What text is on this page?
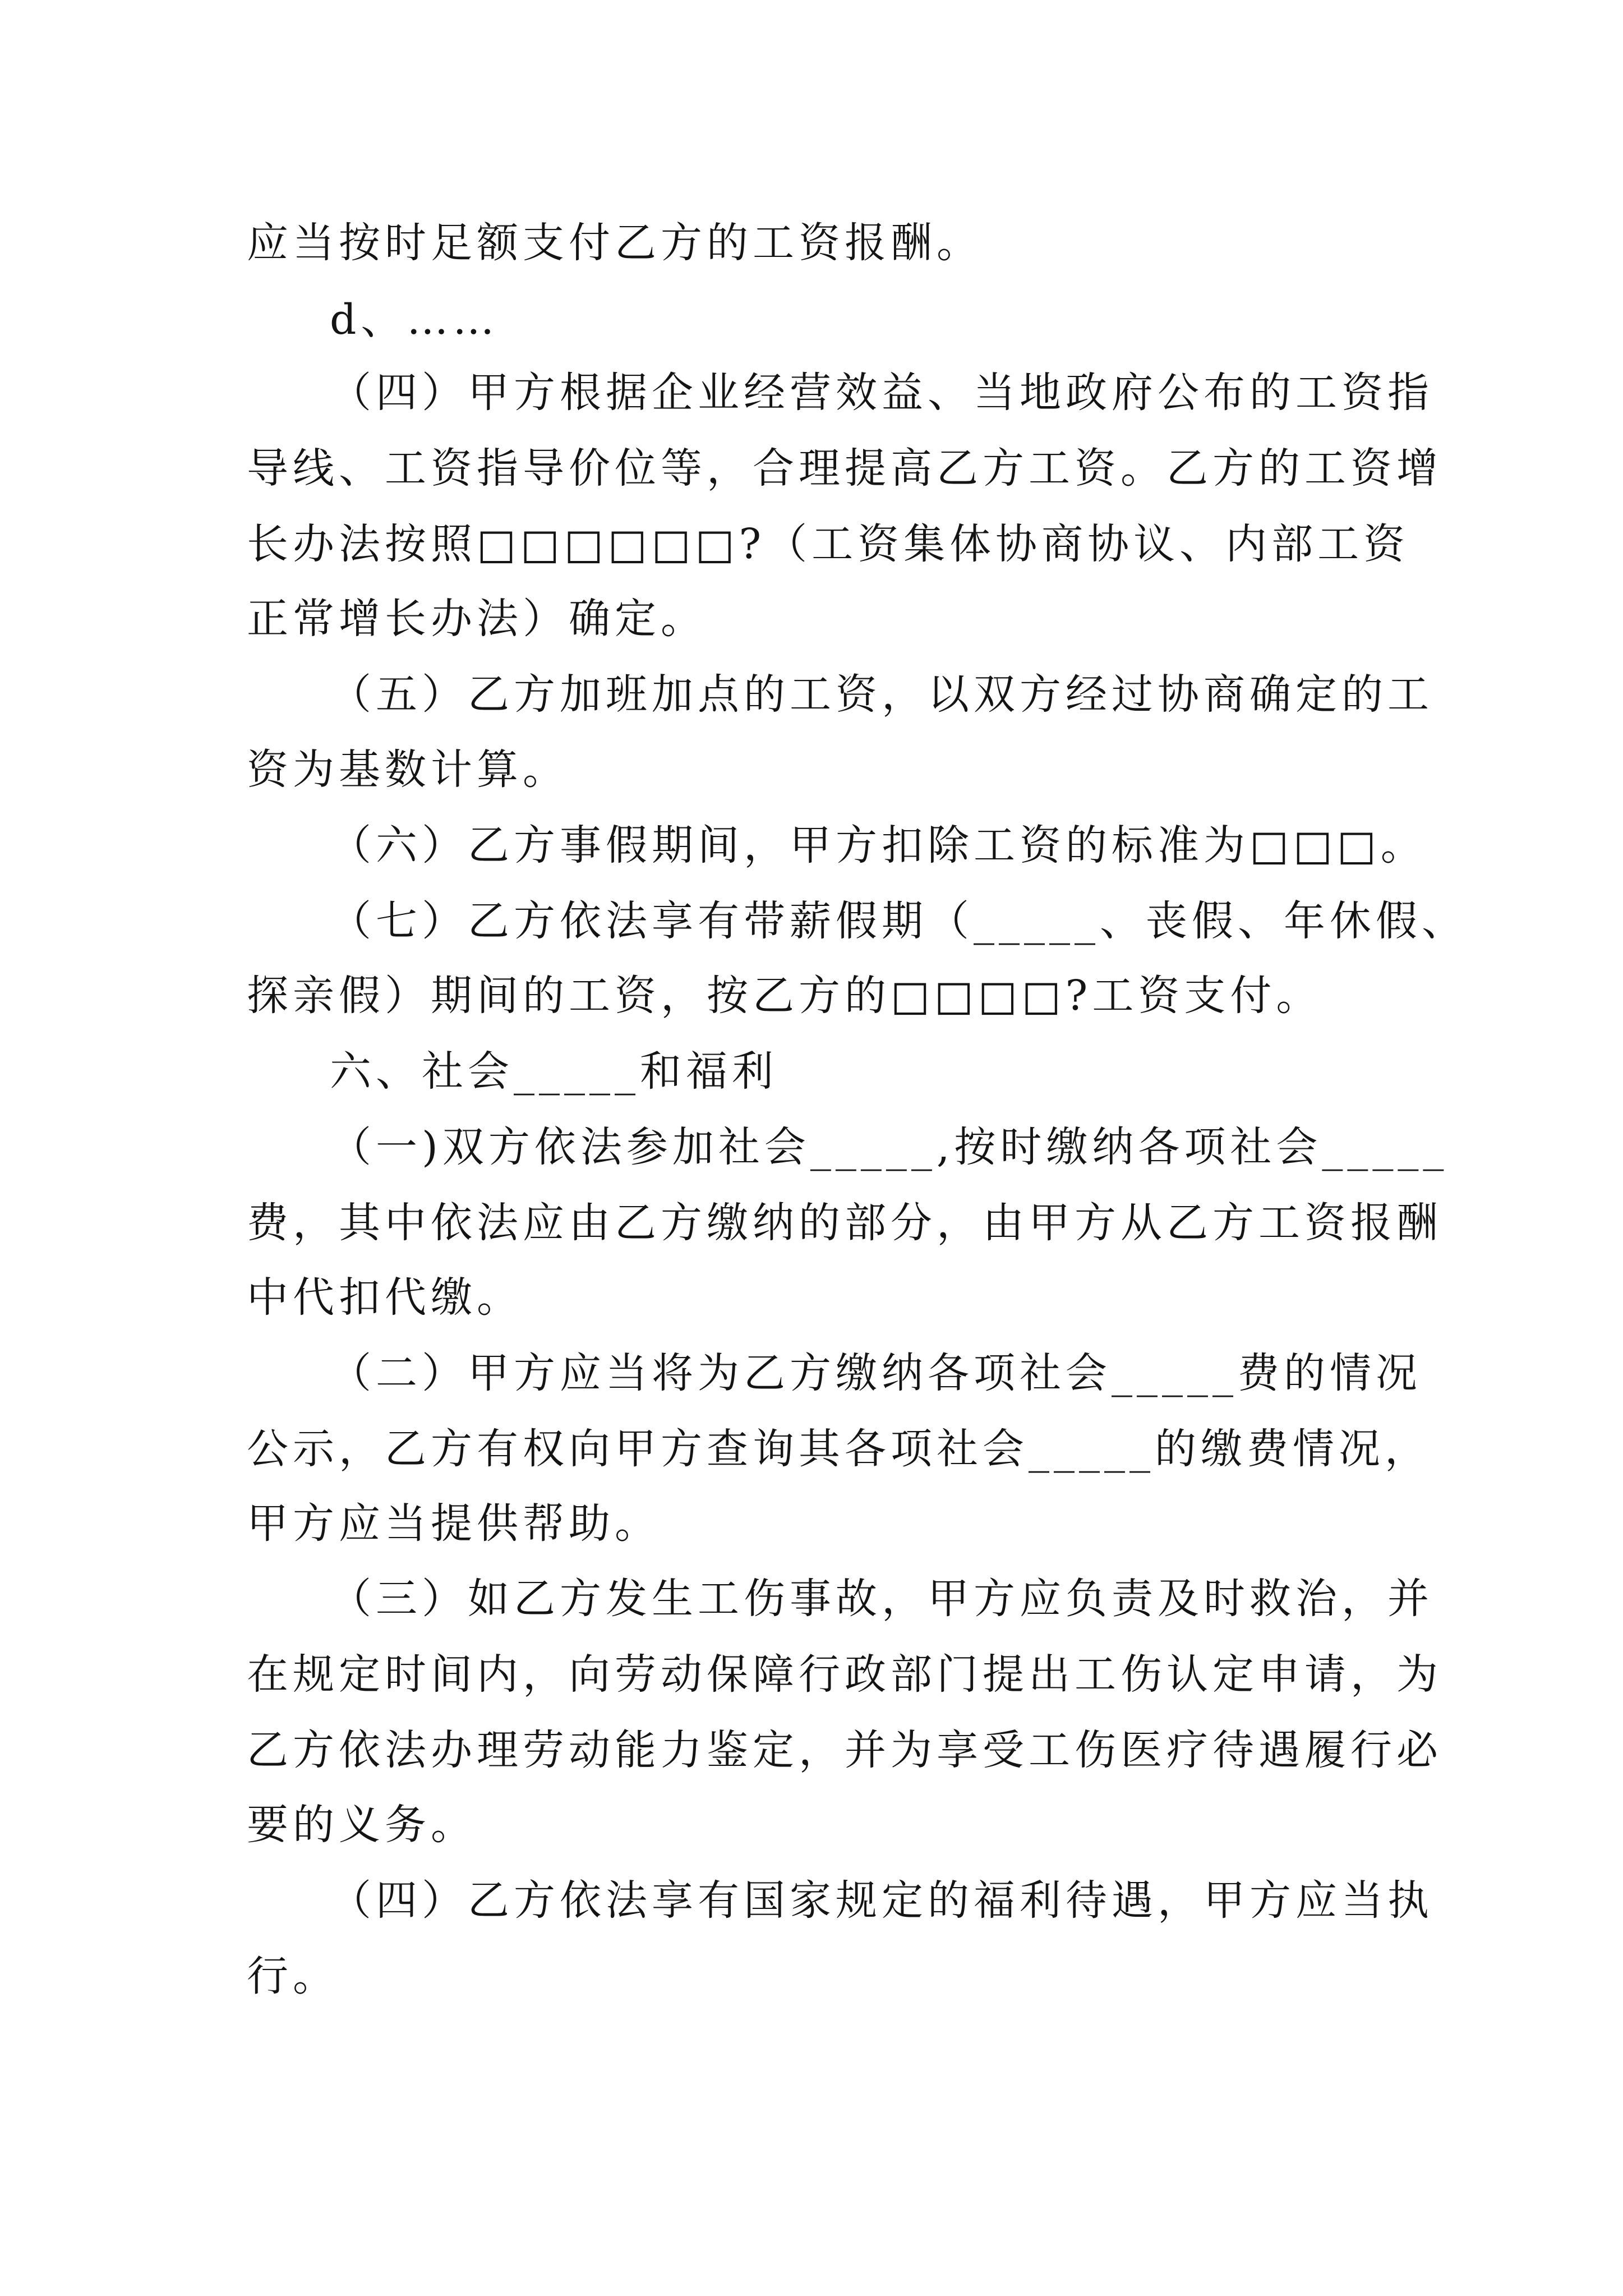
应当按时足额支付乙方的工资报酬。
d、……
（四）甲方根据企业经营效益、当地政府公布的工资指
导线、工资指导价位等，合理提高乙方工资。乙方的工资增
长办法按照□□□□□□?（工资集体协商协议、内部工资
正常增长办法）确定。
（五）乙方加班加点的工资，以双方经过协商确定的工
资为基数计算。
（六）乙方事假期间，甲方扣除工资的标准为□□□。
（七）乙方依法享有带薪假期（_____、丧假、年休假、
探亲假）期间的工资，按乙方的□□□□?工资支付。
六、社会_____和福利
（一)双方依法参加社会_____,按时缴纳各项社会_____
费，其中依法应由乙方缴纳的部分，由甲方从乙方工资报酬
中代扣代缴。
（二）甲方应当将为乙方缴纳各项社会_____费的情况
公示，乙方有权向甲方查询其各项社会_____的缴费情况，
甲方应当提供帮助。
（三）如乙方发生工伤事故，甲方应负责及时救治，并
在规定时间内，向劳动保障行政部门提出工伤认定申请，为
乙方依法办理劳动能力鉴定，并为享受工伤医疗待遇履行必
要的义务。
（四）乙方依法享有国家规定的福利待遇，甲方应当执
行。
